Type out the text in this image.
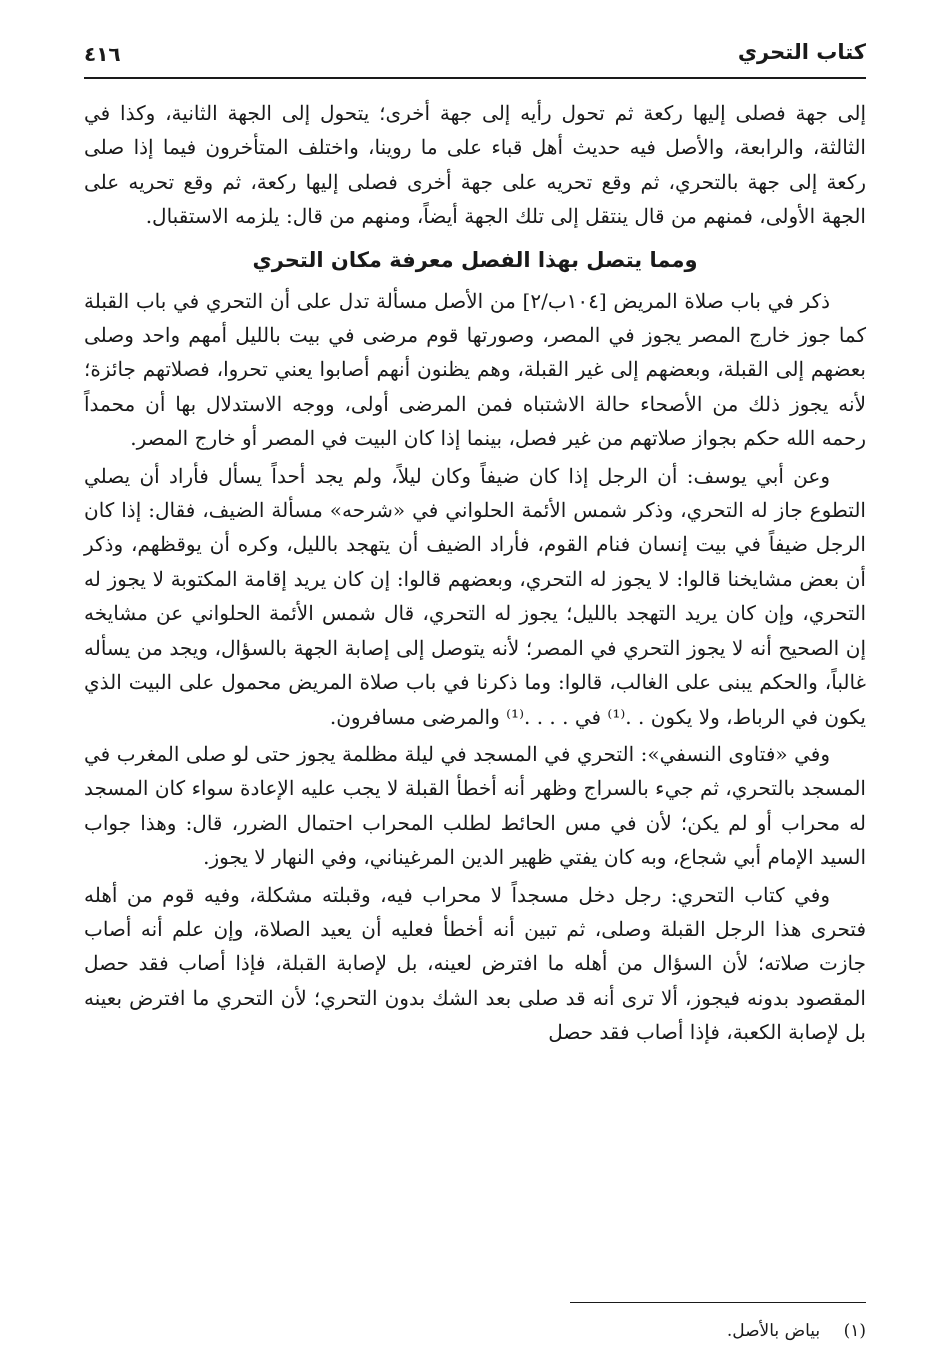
كتاب التحري
٤١٦

إلى جهة فصلى إليها ركعة ثم تحول رأيه إلى جهة أخرى؛ يتحول إلى الجهة الثانية، وكذا في الثالثة، والرابعة، والأصل فيه حديث أهل قباء على ما روينا، واختلف المتأخرون فيما إذا صلى ركعة إلى جهة بالتحري، ثم وقع تحريه على جهة أخرى فصلى إليها ركعة، ثم وقع تحريه على الجهة الأولى، فمنهم من قال ينتقل إلى تلك الجهة أيضاً، ومنهم من قال: يلزمه الاستقبال.

ومما يتصل بهذا الفصل معرفة مكان التحري

ذكر في باب صلاة المريض [١٠٤ب/٢] من الأصل مسألة تدل على أن التحري في باب القبلة كما جوز خارج المصر يجوز في المصر، وصورتها قوم مرضى في بيت بالليل أمهم واحد وصلى بعضهم إلى القبلة، وبعضهم إلى غير القبلة، وهم يظنون أنهم أصابوا يعني تحروا، فصلاتهم جائزة؛ لأنه يجوز ذلك من الأصحاء حالة الاشتباه فمن المرضى أولى، ووجه الاستدلال بها أن محمداً رحمه الله حكم بجواز صلاتهم من غير فصل، بينما إذا كان البيت في المصر أو خارج المصر.

وعن أبي يوسف: أن الرجل إذا كان ضيفاً وكان ليلاً، ولم يجد أحداً يسأل فأراد أن يصلي التطوع جاز له التحري، وذكر شمس الأئمة الحلواني في «شرحه» مسألة الضيف، فقال: إذا كان الرجل ضيفاً في بيت إنسان فنام القوم، فأراد الضيف أن يتهجد بالليل، وكره أن يوقظهم، وذكر أن بعض مشايخنا قالوا: لا يجوز له التحري، وبعضهم قالوا: إن كان يريد إقامة المكتوبة لا يجوز له التحري، وإن كان يريد التهجد بالليل؛ يجوز له التحري، قال شمس الأئمة الحلواني عن مشايخه إن الصحيح أنه لا يجوز التحري في المصر؛ لأنه يتوصل إلى إصابة الجهة بالسؤال، ويجد من يسأله غالباً، والحكم يبنى على الغالب، قالوا: وما ذكرنا في باب صلاة المريض محمول على البيت الذي يكون في الرباط، ولا يكون . .⁽¹⁾ في . . . .⁽¹⁾ والمرضى مسافرون.

وفي «فتاوى النسفي»: التحري في المسجد في ليلة مظلمة يجوز حتى لو صلى المغرب في المسجد بالتحري، ثم جيء بالسراج وظهر أنه أخطأ القبلة لا يجب عليه الإعادة سواء كان المسجد له محراب أو لم يكن؛ لأن في مس الحائط لطلب المحراب احتمال الضرر، قال: وهذا جواب السيد الإمام أبي شجاع، وبه كان يفتي ظهير الدين المرغيناني، وفي النهار لا يجوز.

وفي كتاب التحري: رجل دخل مسجداً لا محراب فيه، وقبلته مشكلة، وفيه قوم من أهله فتحرى هذا الرجل القبلة وصلى، ثم تبين أنه أخطأ فعليه أن يعيد الصلاة، وإن علم أنه أصاب جازت صلاته؛ لأن السؤال من أهله ما افترض لعينه، بل لإصابة القبلة، فإذا أصاب فقد حصل المقصود بدونه فيجوز، ألا ترى أنه قد صلى بعد الشك بدون التحري؛ لأن التحري ما افترض بعينه بل لإصابة الكعبة، فإذا أصاب فقد حصل

(١) بياض بالأصل.
